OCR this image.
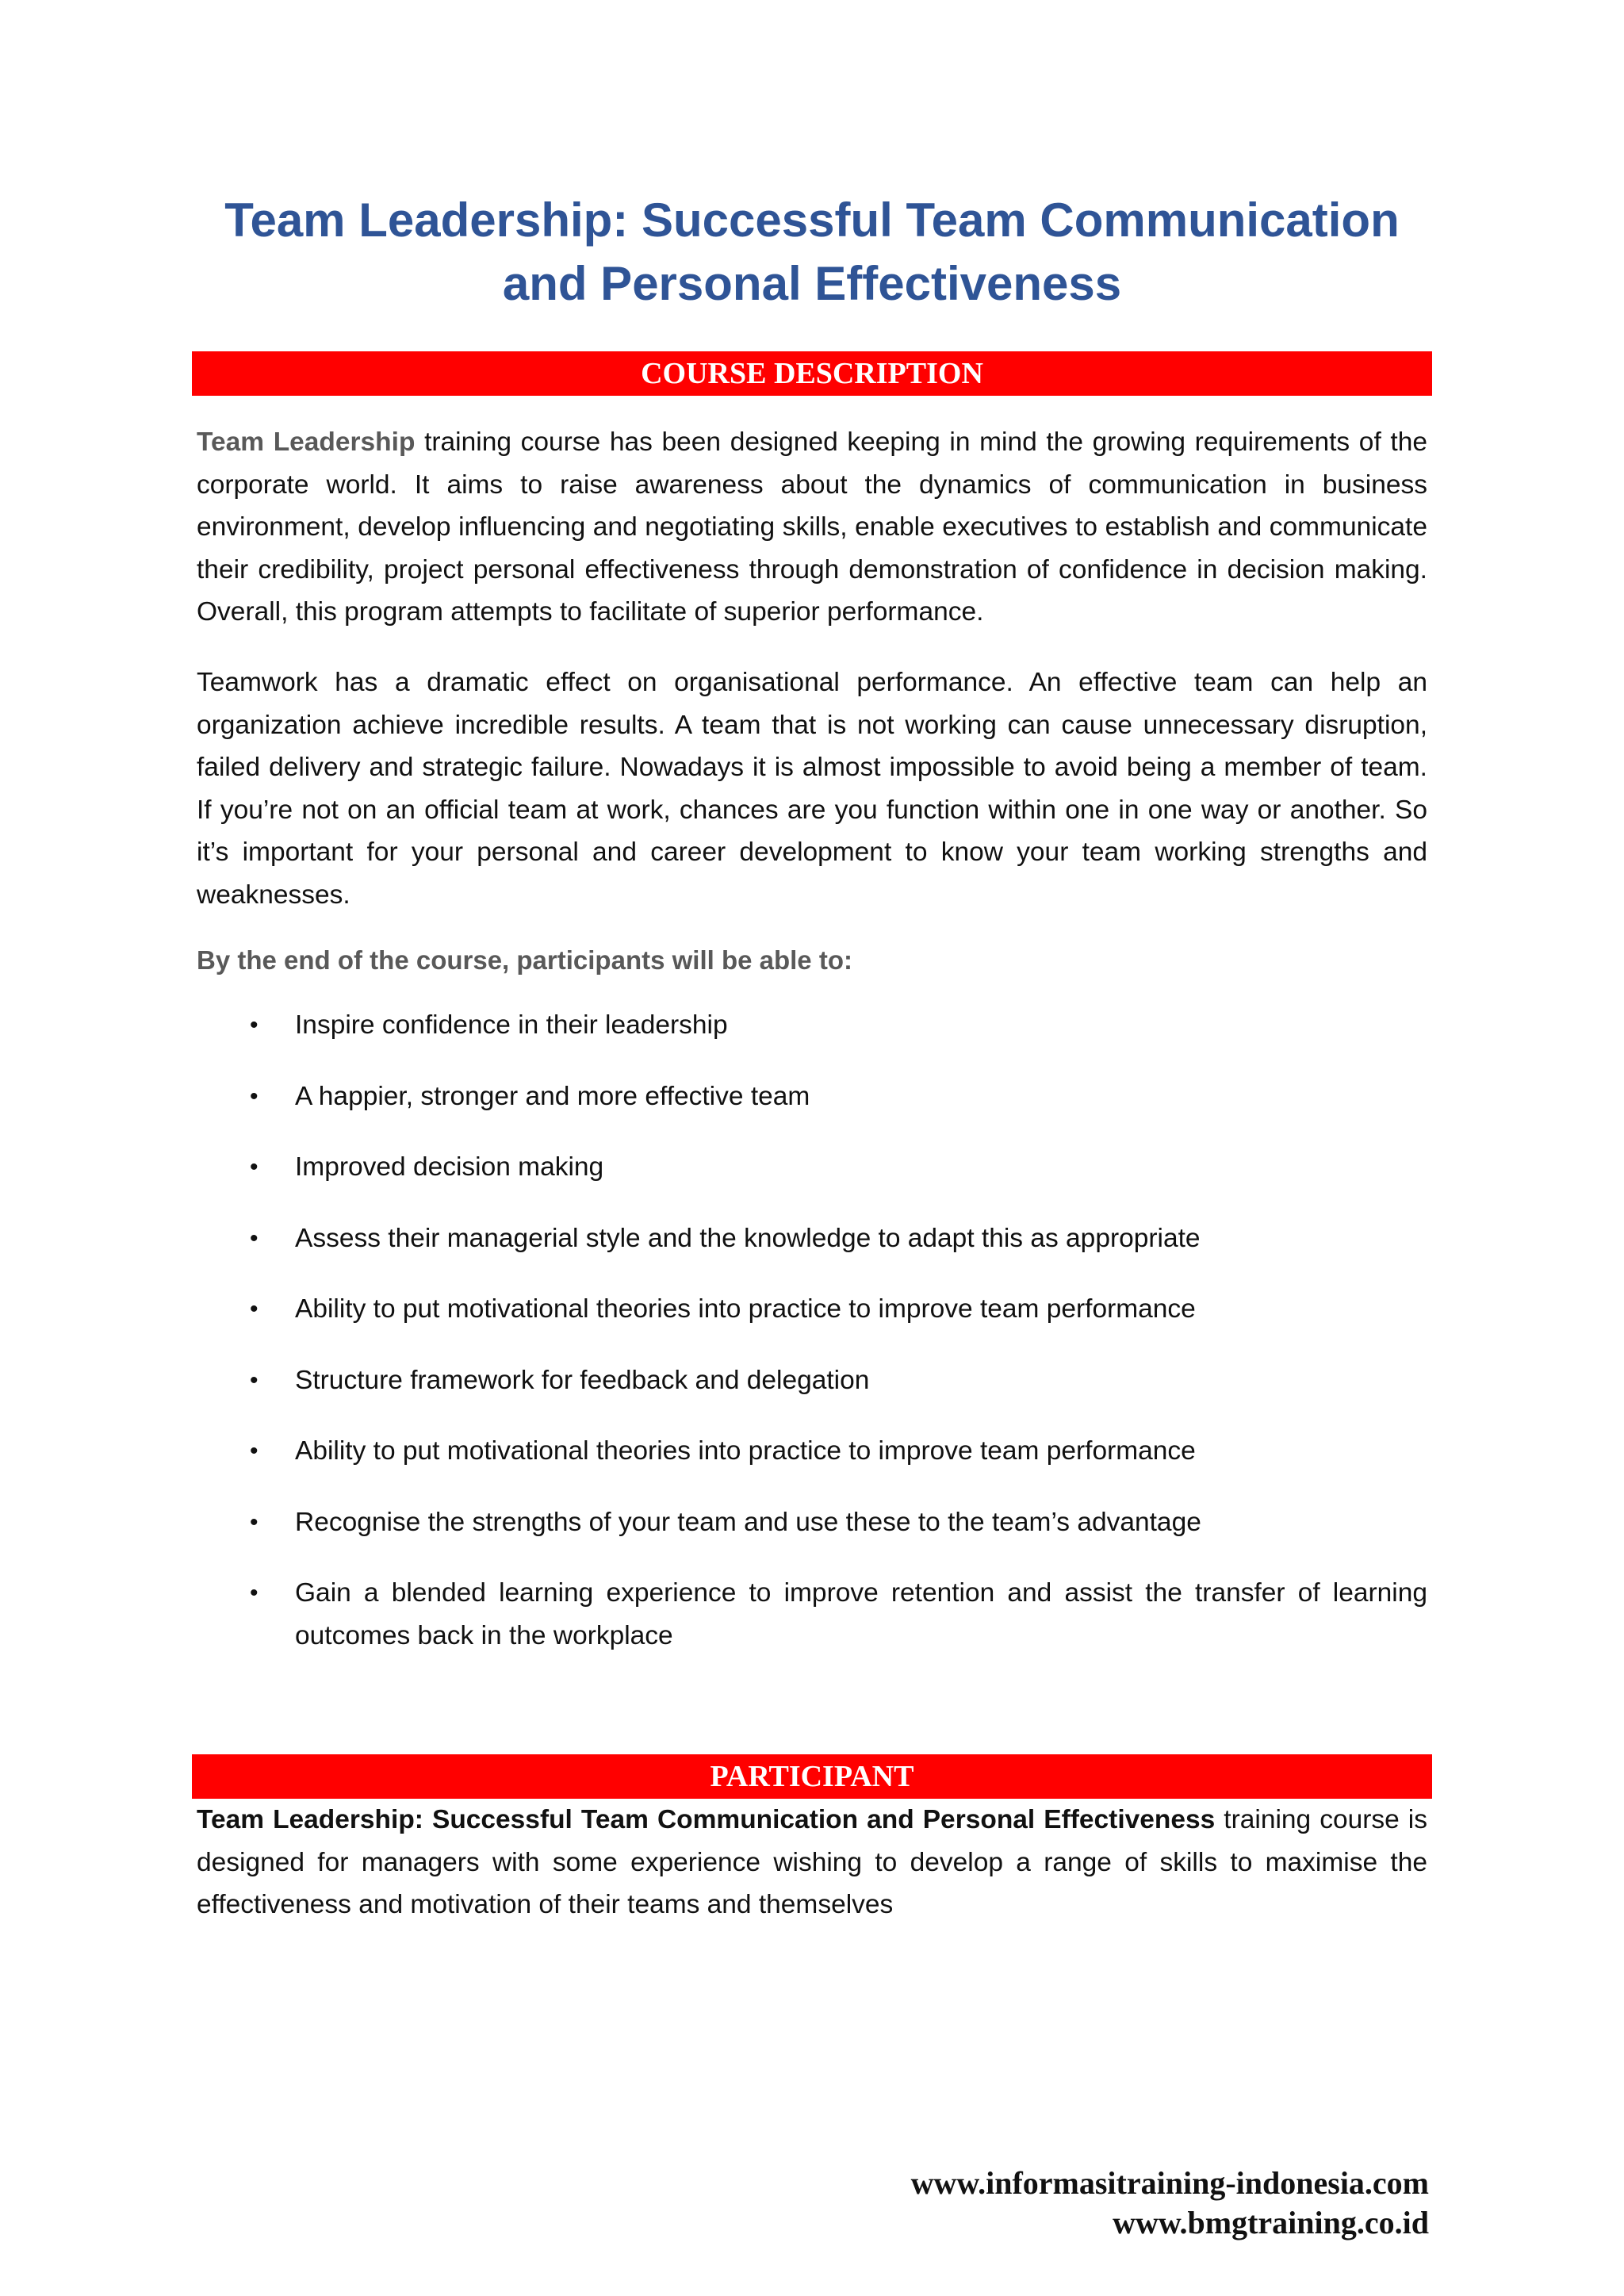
Team Leadership: Successful Team Communication
and Personal Effectiveness
COURSE DESCRIPTION

Team Leadership training course has been designed keeping in mind the growing requirements of the corporate world. It aims to raise awareness about the dynamics of communication in business environment, develop influencing and negotiating skills, enable executives to establish and communicate their credibility, project personal effectiveness through demonstration of confidence in decision making. Overall, this program attempts to facilitate of superior performance.

Teamwork has a dramatic effect on organisational performance. An effective team can help an organization achieve incredible results. A team that is not working can cause unnecessary disruption, failed delivery and strategic failure. Nowadays it is almost impossible to avoid being a member of team. If you’re not on an official team at work, chances are you function within one in one way or another. So it’s important for your personal and career development to know your team working strengths and weaknesses.

By the end of the course, participants will be able to:

• Inspire confidence in their leadership
• A happier, stronger and more effective team
• Improved decision making
• Assess their managerial style and the knowledge to adapt this as appropriate
• Ability to put motivational theories into practice to improve team performance
• Structure framework for feedback and delegation
• Ability to put motivational theories into practice to improve team performance
• Recognise the strengths of your team and use these to the team’s advantage
• Gain a blended learning experience to improve retention and assist the transfer of learning outcomes back in the workplace
PARTICIPANT

Team Leadership: Successful Team Communication and Personal Effectiveness training course is designed for managers with some experience wishing to develop a range of skills to maximise the effectiveness and motivation of their teams and themselves

www.informasitraining-indonesia.com
www.bmgtraining.co.id
